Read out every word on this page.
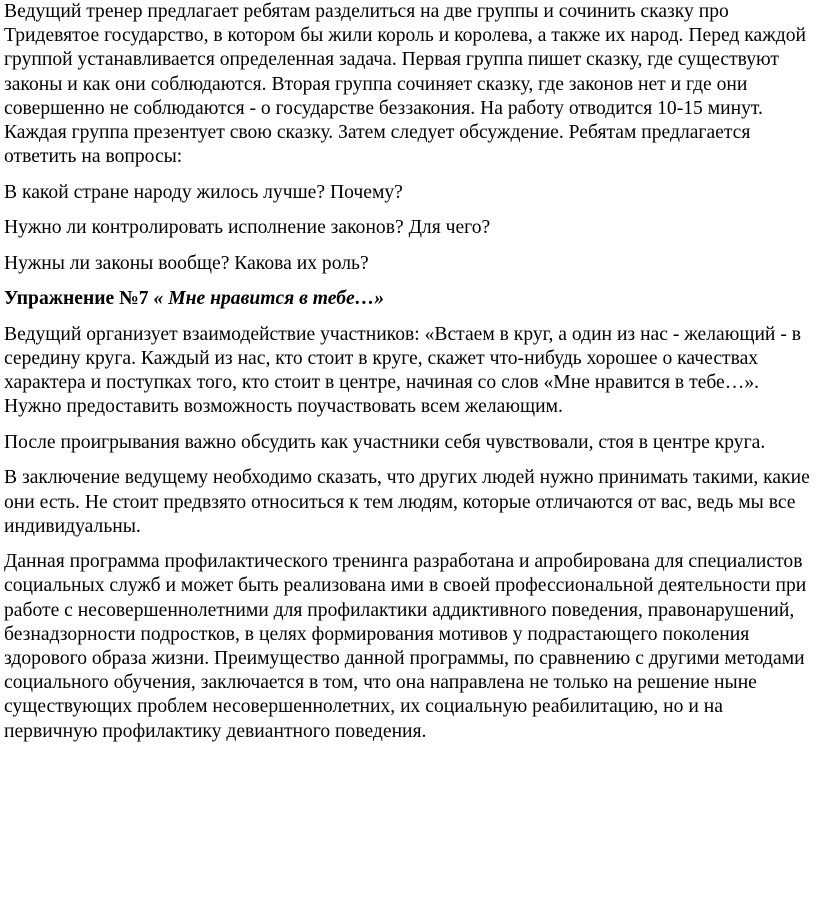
Ведущий тренер предлагает ребятам разделиться на две группы и сочинить сказку про Тридевятое государство, в котором бы жили король и королева, а также их народ. Перед каждой группой устанавливается определенная задача. Первая группа пишет сказку, где существуют законы и как они соблюдаются. Вторая группа сочиняет сказку, где законов нет и где они совершенно не соблюдаются - о государстве беззакония. На работу отводится 10-15 минут. Каждая группа презентует свою сказку. Затем следует обсуждение. Ребятам предлагается ответить на вопросы:

В какой стране народу жилось лучше? Почему?

Нужно ли контролировать исполнение законов? Для чего?

Нужны ли законы вообще? Какова их роль?

Упражнение №7 « Мне нравится в тебе…»

Ведущий организует взаимодействие участников: «Встаем в круг, а один из нас - желающий - в середину круга. Каждый из нас, кто стоит в круге, скажет что-нибудь хорошее о качествах характера и поступках того, кто стоит в центре, начиная со слов «Мне нравится в тебе…». Нужно предоставить возможность поучаствовать всем желающим.

После проигрывания важно обсудить как участники себя чувствовали, стоя в центре круга.

В заключение ведущему необходимо сказать, что других людей нужно принимать такими, какие они есть. Не стоит предвзято относиться к тем людям, которые отличаются от вас, ведь мы все индивидуальны.

Данная программа профилактического тренинга разработана и апробирована для специалистов социальных служб и может быть реализована ими в своей профессиональной деятельности при работе с несовершеннолетними для профилактики аддиктивного поведения, правонарушений, безнадзорности подростков, в целях формирования мотивов у подрастающего поколения здорового образа жизни. Преимущество данной программы, по сравнению с другими методами социального обучения, заключается в том, что она направлена не только на решение ныне существующих проблем несовершеннолетних, их социальную реабилитацию, но и на первичную профилактику девиантного поведения.
